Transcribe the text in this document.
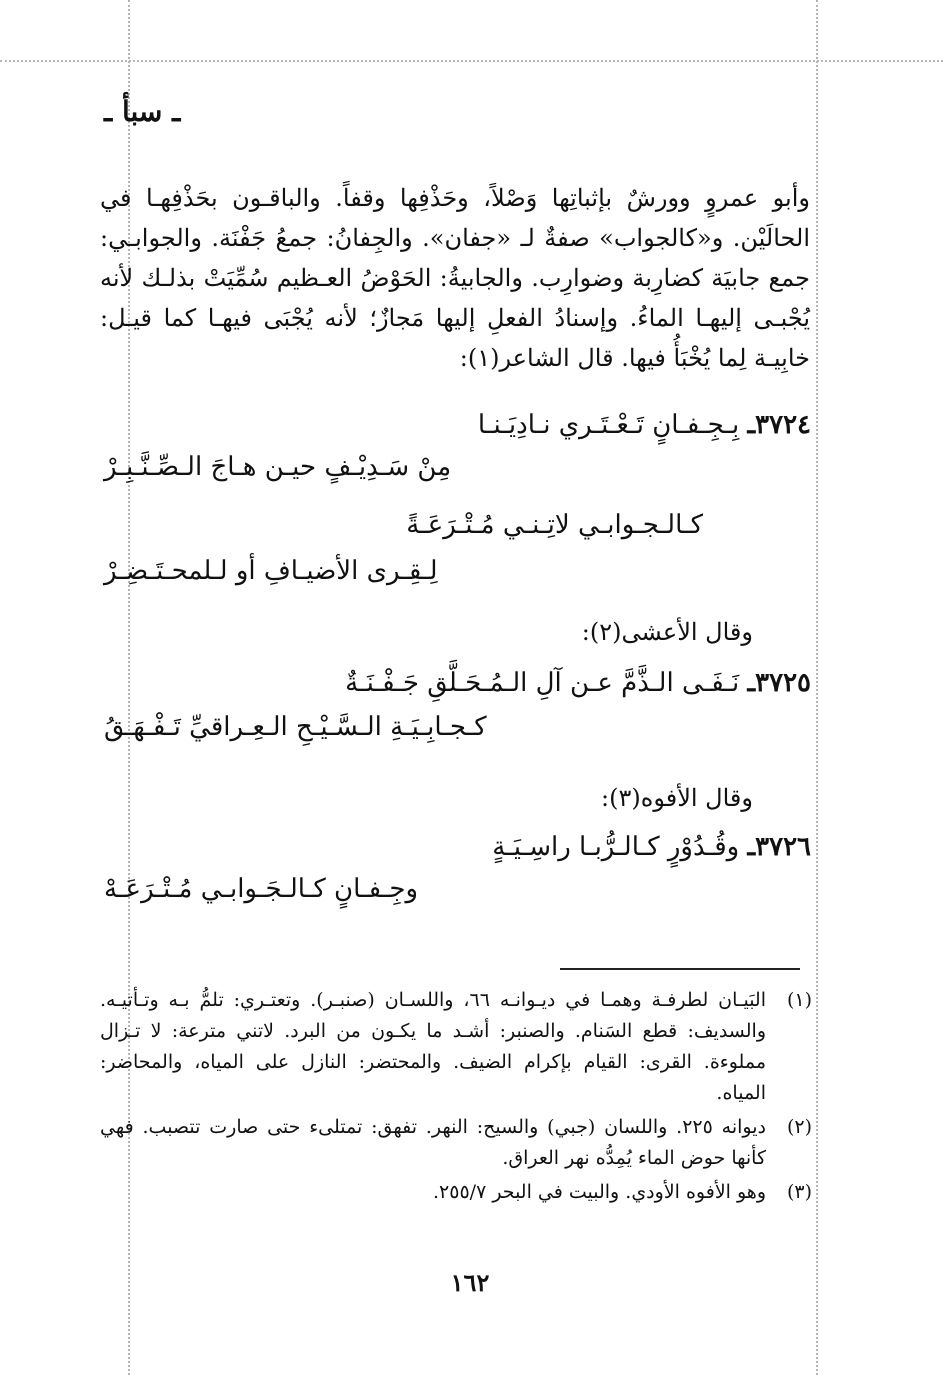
ـ سبأ ـ

وأبو عمروٍ وورشٌ بإثباتِها وَصْلاً، وحَذْفِها وقفاً. والباقـون بحَذْفِهـا في الحالَيْن. و«كالجواب» صفةٌ لـ «جفان». والجِفانُ: جمعُ جَفْنَة. والجوابـي: جمع جابيَة كضارِبة وضوارِب. والجابيةُ: الحَوْضُ العـظيم سُمِّيَتْ بذلـك لأنه يُجْبـى إليهـا الماءُ. وإسنادُ الفعلِ إليها مَجازٌ؛ لأنه يُجْبَى فيهـا كما قيـل: خابِيـة لِما يُخْبَأُ فيها. قال الشاعر(١):

٣٧٢٤ـ بِـجِـفـانٍ تَـعْـتَـري نـادِيَـنـا
مِنْ سَـدِيْـفٍ حيـن هـاجَ الـصِّـنَّـبِـرْ
كـالـجـوابـي لاتِـنـي مُـتْـرَعَـةً
لِـقِـرى الأضيـافِ أو لـلمحـتَـضِـرْ
وقال الأعشى(٢):
٣٧٢٥ـ نَـفَـى الـذَّمَّ عـن آلِ الـمُـحَـلَّقِ جَـفْـنَـةٌ
كـجـابِـيَـةِ الـسَّـيْـحِ الـعِـراقيِّ تَـفْـهَـقُ
وقال الأفوه(٣):
٣٧٢٦ـ وقُـدُوْرٍ كـالـرُّبـا راسِـيَـةٍ
وجِـفـانٍ كـالـجَـوابـي مُـتْـرَعَـهْ
(١)
البَيـان لطرفـة وهمـا في ديـوانـه ٦٦، واللسـان (صنبـر). وتعتـري: تلمُّ بـه وتـأتيـه. والسديف: قطع السَنام. والصنبر: أشـد ما يكـون من البرد. لاتني مترعة: لا تـزال مملوءة. القرى: القيام بإكرام الضيف. والمحتضر: النازل على المياه، والمحاضر: المياه.
(٢)
ديوانه ٢٢٥. واللسان (جبي) والسيح: النهر. تفهق: تمتلىء حتى صارت تتصبب. فهي كأنها حوض الماء يُمِدُّه نهر العراق.
(٣)
وهو الأفوه الأودي. والبيت في البحر ٢٥٥/٧.
١٦٢
